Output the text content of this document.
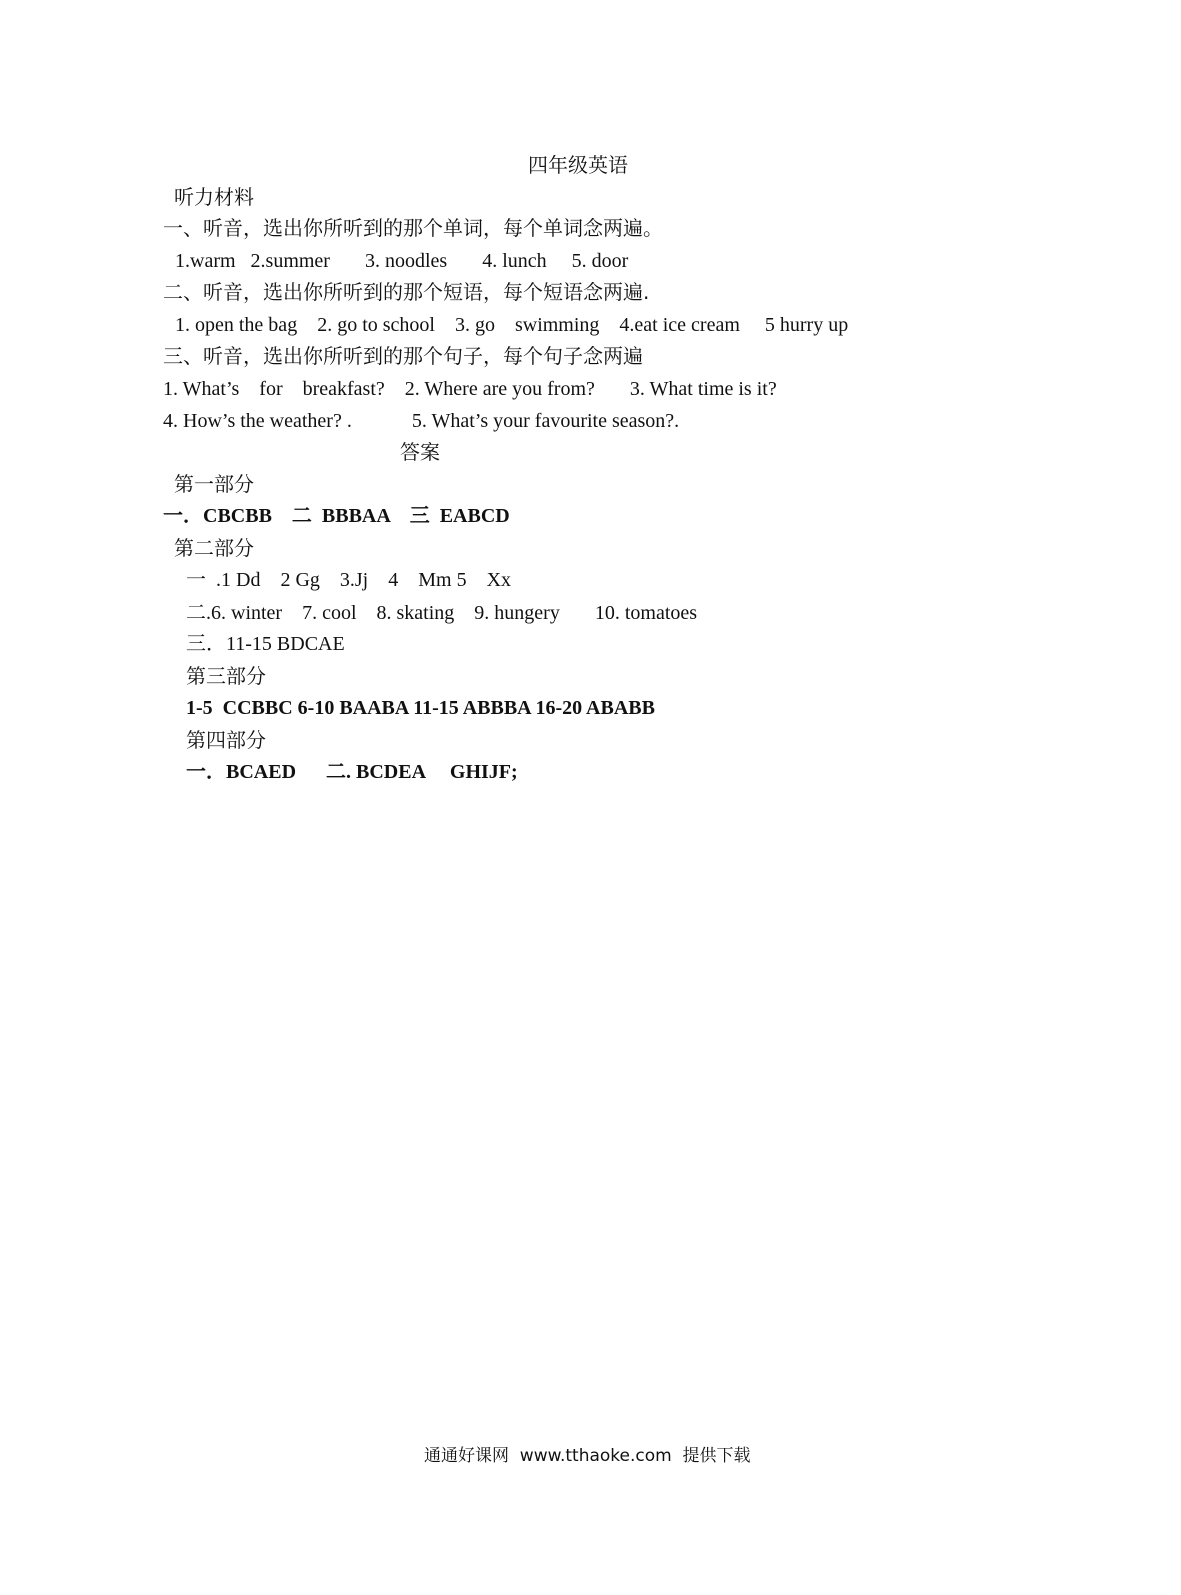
四年级英语
听力材料
一、听音，选出你所听到的那个单词，每个单词念两遍。
1.warm   2.summer       3. noodles       4. lunch     5. door
二、听音，选出你所听到的那个短语，每个短语念两遍.
1. open the bag    2. go to school    3. go    swimming    4.eat ice cream     5 hurry up
三、听音，选出你所听到的那个句子，每个句子念两遍
1. What’s    for    breakfast?    2. Where are you from?       3. What time is it?
4. How’s the weather? .            5. What’s your favourite season?.
答案
第一部分
一．CBCBB    二  BBBAA    三  EABCD
第二部分
一  .1 Dd    2 Gg    3.Jj    4    Mm 5    Xx
二.6. winter    7. cool    8. skating    9. hungery       10. tomatoes
三．11-15 BDCAE
第三部分
1-5  CCBBC 6-10 BAABA 11-15 ABBBA 16-20 ABABB
第四部分
一．BCAED      二. BCDEA     GHIJF;
通通好课网  www.tthaoke.com  提供下载
